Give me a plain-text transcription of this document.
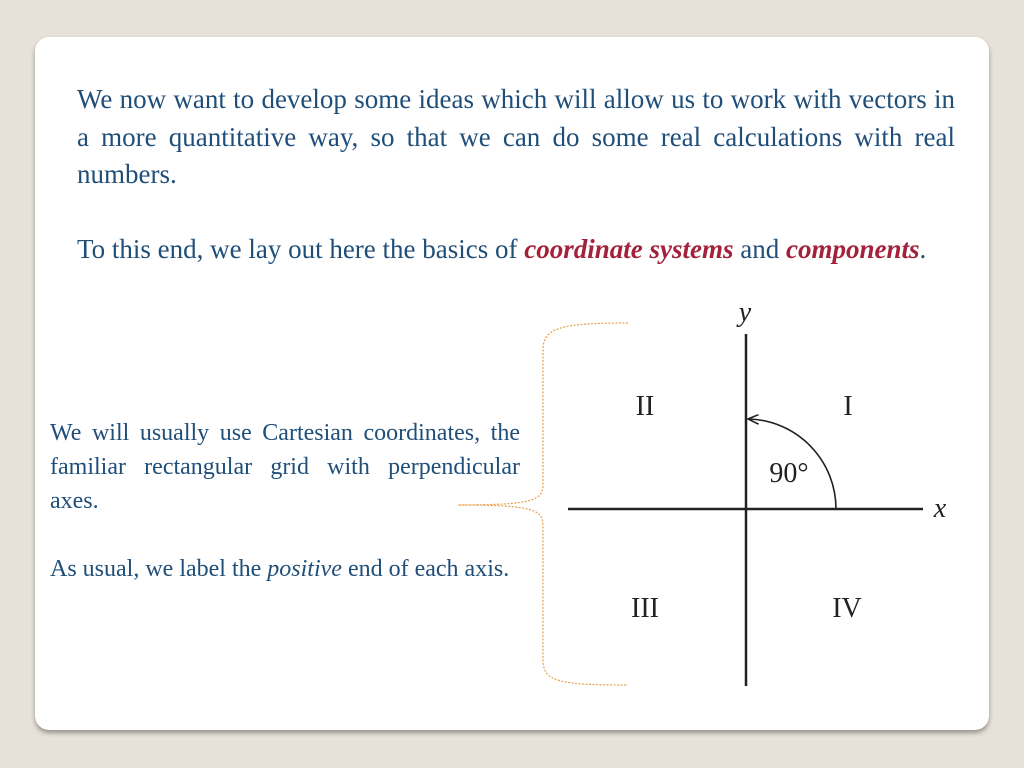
We now want to develop some ideas which will allow us to work with vectors in a more quantitative way, so that we can do some real calculations with real numbers.

To this end, we lay out here the basics of coordinate systems and components.

We will usually use Cartesian coordinates, the familiar rectangular grid with perpendicular axes.

As usual, we label the positive end of each axis.

y
x
I
II
III	IV
90°
